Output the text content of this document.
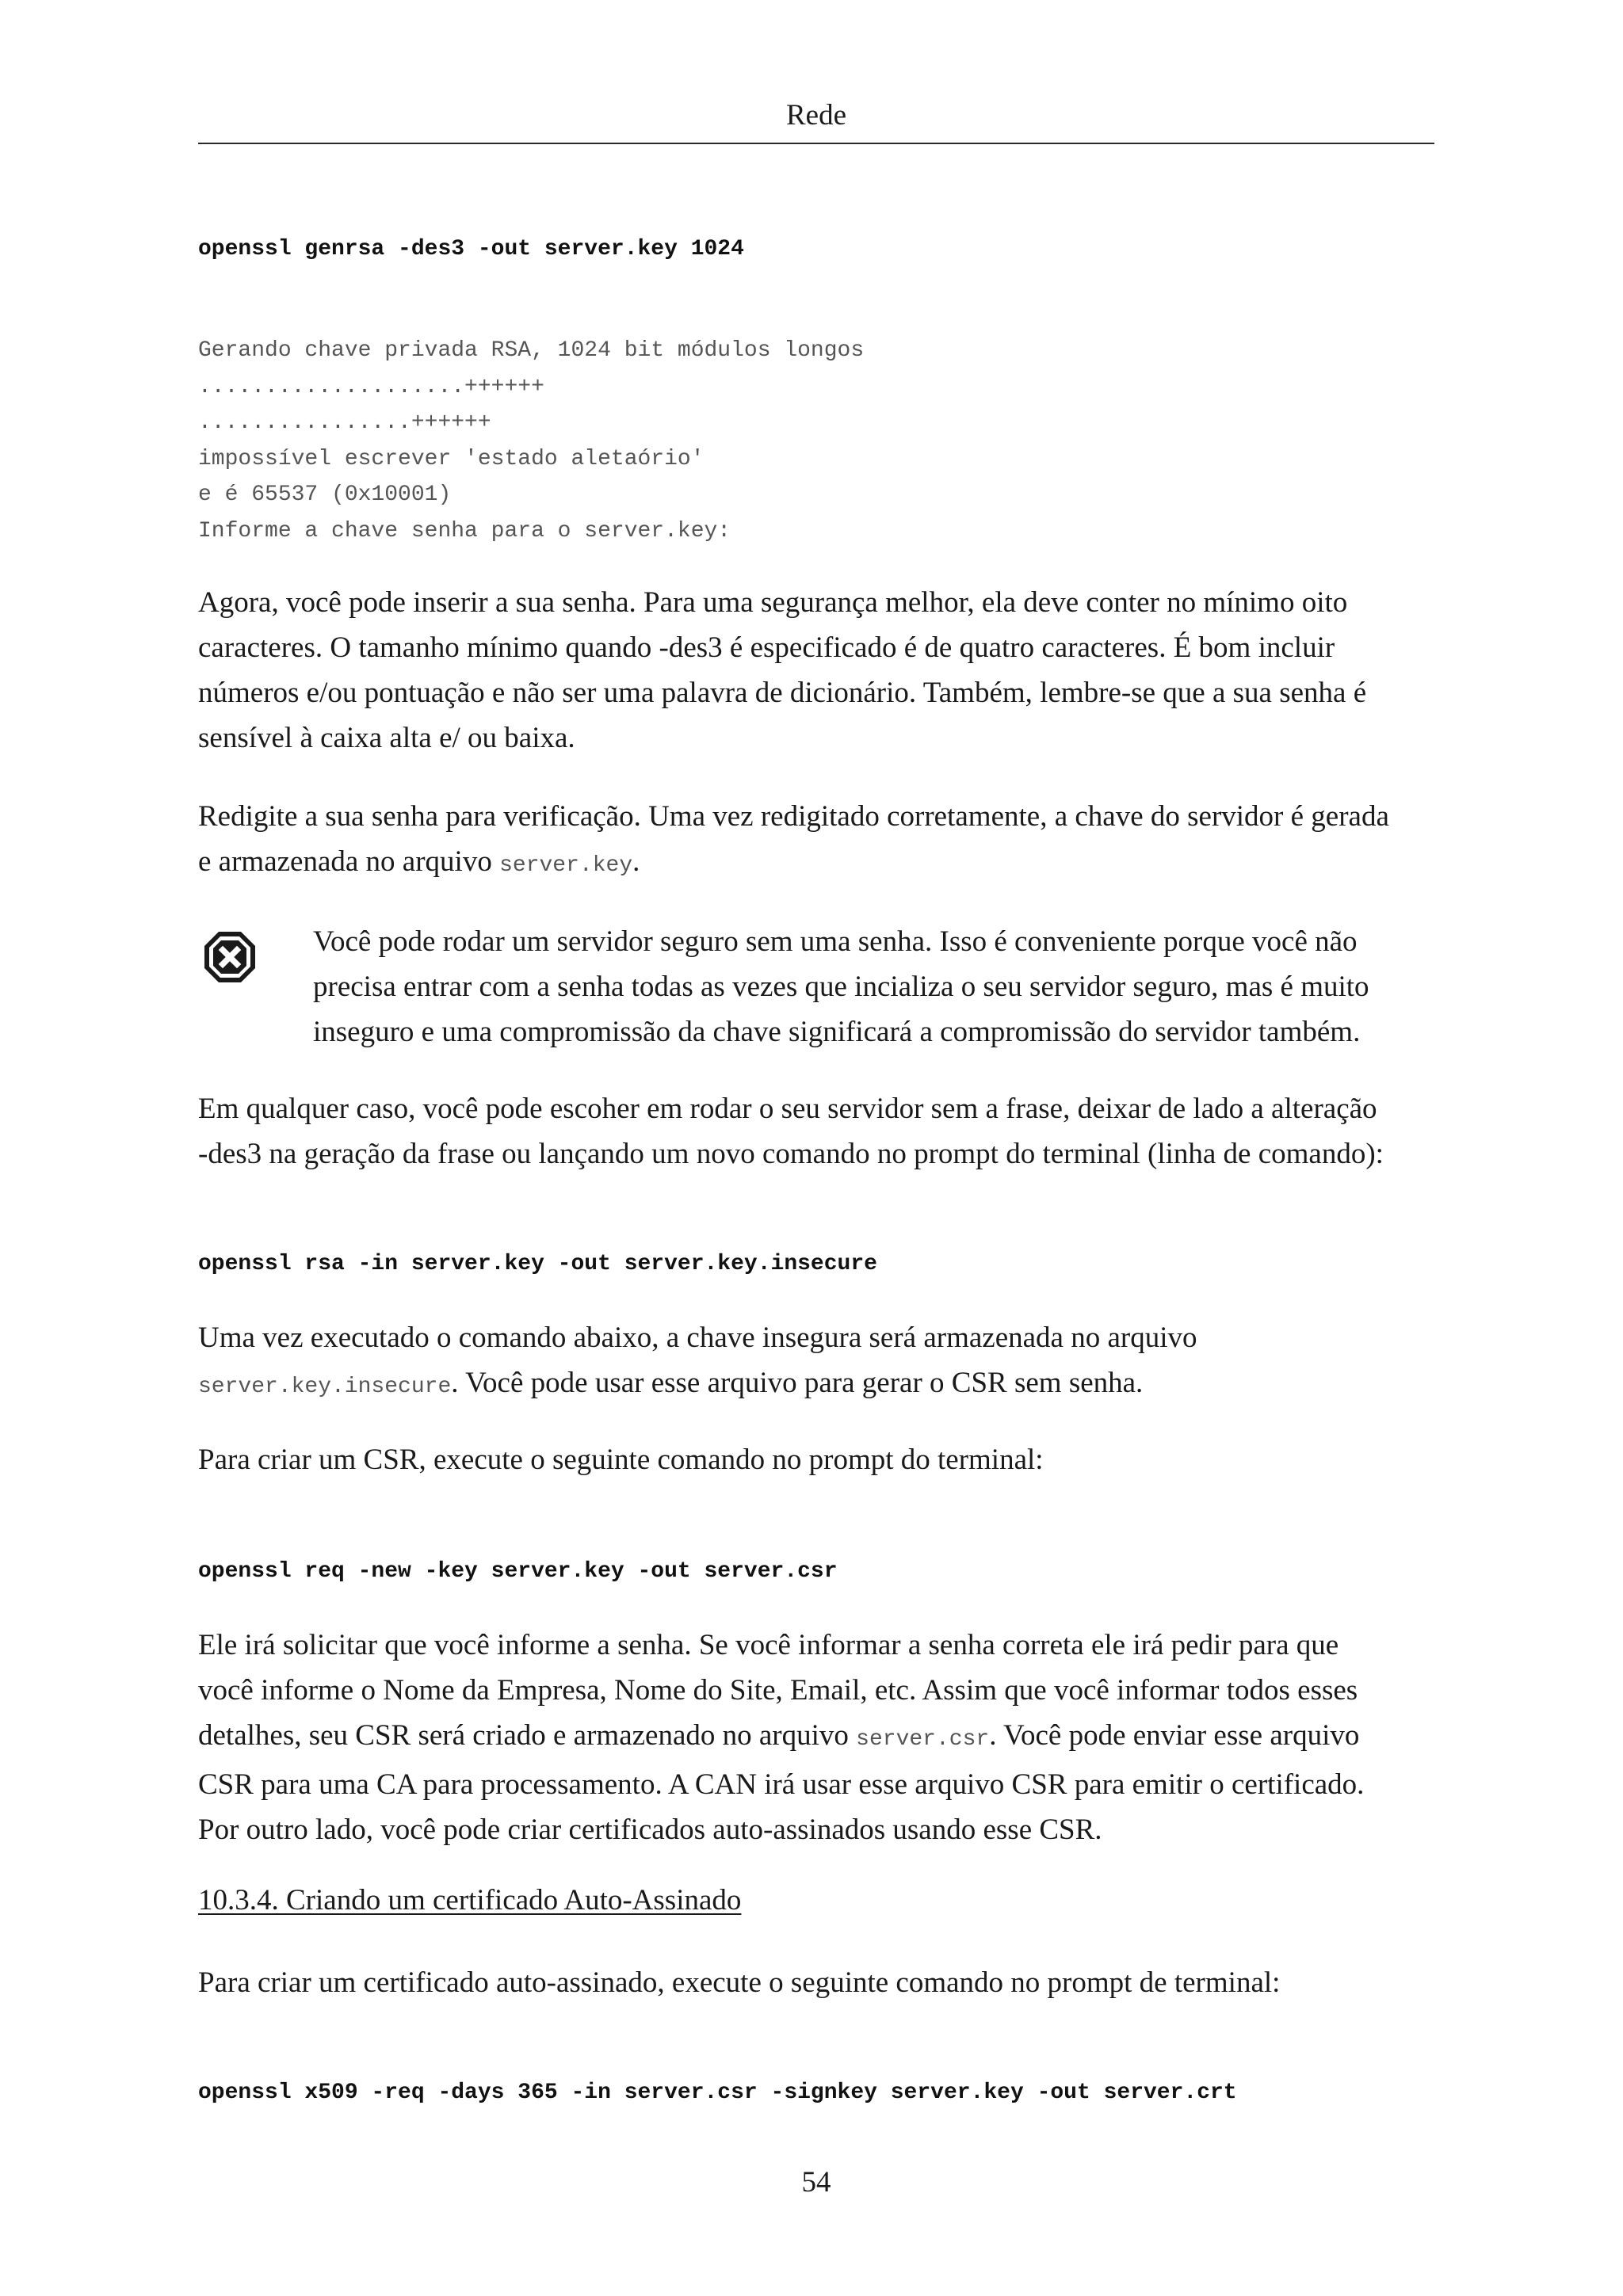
Rede
openssl genrsa -des3 -out server.key 1024
Gerando chave privada RSA, 1024 bit módulos longos
....................++++++
................++++++
impossível escrever 'estado aletaório'
e é 65537 (0x10001)
Informe a chave senha para o server.key:

Agora, você pode inserir a sua senha. Para uma segurança melhor, ela deve conter no mínimo oito
caracteres. O tamanho mínimo quando -des3 é especificado é de quatro caracteres. É bom incluir
números e/ou pontuação e não ser uma palavra de dicionário. Também, lembre-se que a sua senha é
sensível à caixa alta e/ ou baixa.

Redigite a sua senha para verificação. Uma vez redigitado corretamente, a chave do servidor é gerada
e armazenada no arquivo server.key.

Você pode rodar um servidor seguro sem uma senha. Isso é conveniente porque você não
precisa entrar com a senha todas as vezes que incializa o seu servidor seguro, mas é muito
inseguro e uma compromissão da chave significará a compromissão do servidor também.

Em qualquer caso, você pode escoher em rodar o seu servidor sem a frase, deixar de lado a alteração
-des3 na geração da frase ou lançando um novo comando no prompt do terminal (linha de comando):

openssl rsa -in server.key -out server.key.insecure

Uma vez executado o comando abaixo, a chave insegura será armazenada no arquivo
server.key.insecure. Você pode usar esse arquivo para gerar o CSR sem senha.

Para criar um CSR, execute o seguinte comando no prompt do terminal:

openssl req -new -key server.key -out server.csr

Ele irá solicitar que você informe a senha. Se você informar a senha correta ele irá pedir para que
você informe o Nome da Empresa, Nome do Site, Email, etc. Assim que você informar todos esses
detalhes, seu CSR será criado e armazenado no arquivo server.csr. Você pode enviar esse arquivo
CSR para uma CA para processamento. A CAN irá usar esse arquivo CSR para emitir o certificado.
Por outro lado, você pode criar certificados auto-assinados usando esse CSR.

10.3.4. Criando um certificado Auto-Assinado

Para criar um certificado auto-assinado, execute o seguinte comando no prompt de terminal:

openssl x509 -req -days 365 -in server.csr -signkey server.key -out server.crt
54
